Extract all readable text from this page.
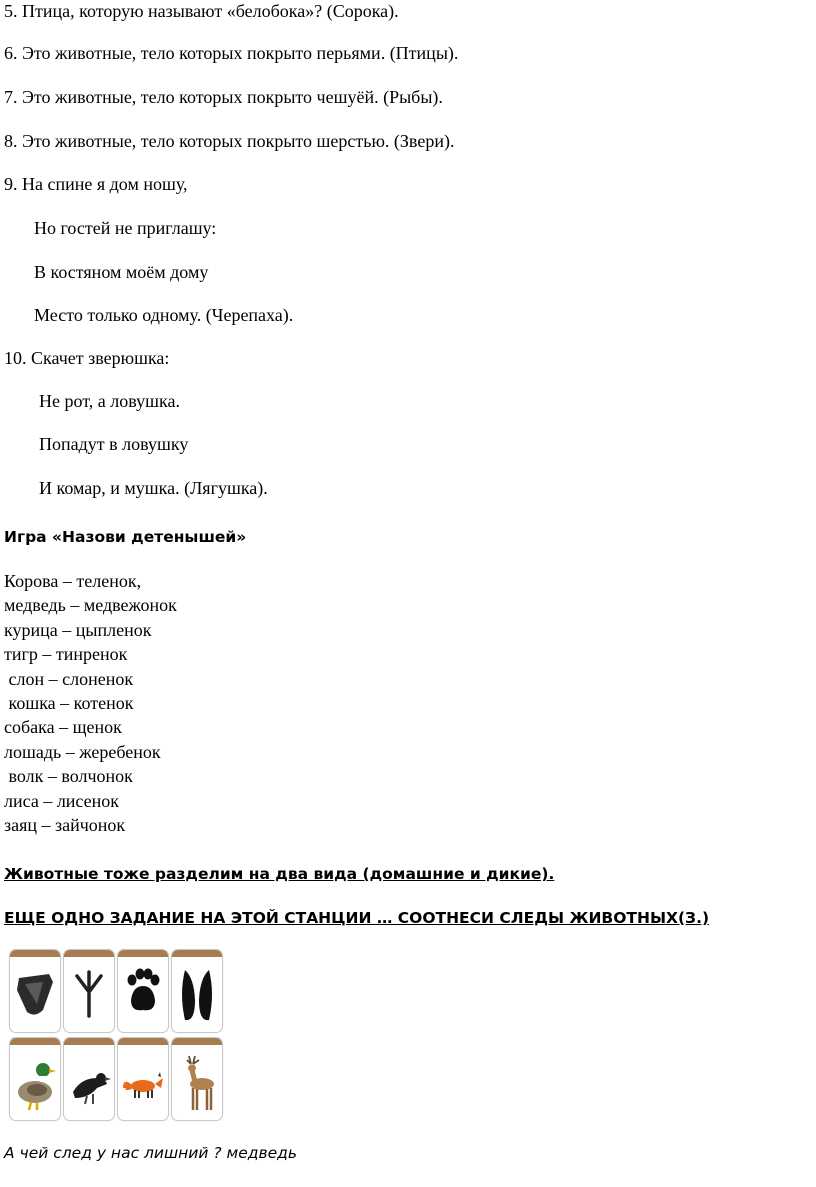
5. Птица, которую называют «белобока»? (Сорока).
6. Это животные, тело которых покрыто перьями. (Птицы).
7. Это животные, тело которых покрыто чешуёй. (Рыбы).
8. Это животные, тело которых покрыто шерстью. (Звери).
9. На спине я дом ношу,
Но гостей не приглашу:
В костяном моём дому
Место только одному. (Черепаха).
10. Скачет зверюшка:
Не рот, а ловушка.
Попадут в ловушку
И комар, и мушка. (Лягушка).
Игра «Назови детенышей»
Корова – теленок,
медведь – медвежонок
курица – цыпленок
тигр – тинренок
слон – слоненок
кошка – котенок
собака – щенок
лошадь – жеребенок
волк – волчонок
лиса – лисенок
заяц – зайчонок
Животные тоже разделим на два вида (домашние и дикие).
ЕЩЕ ОДНО ЗАДАНИЕ НА ЭТОЙ СТАНЦИИ … СООТНЕСИ СЛЕДЫ ЖИВОТНЫХ(З.)
А чей след у нас лишний ? медведь
